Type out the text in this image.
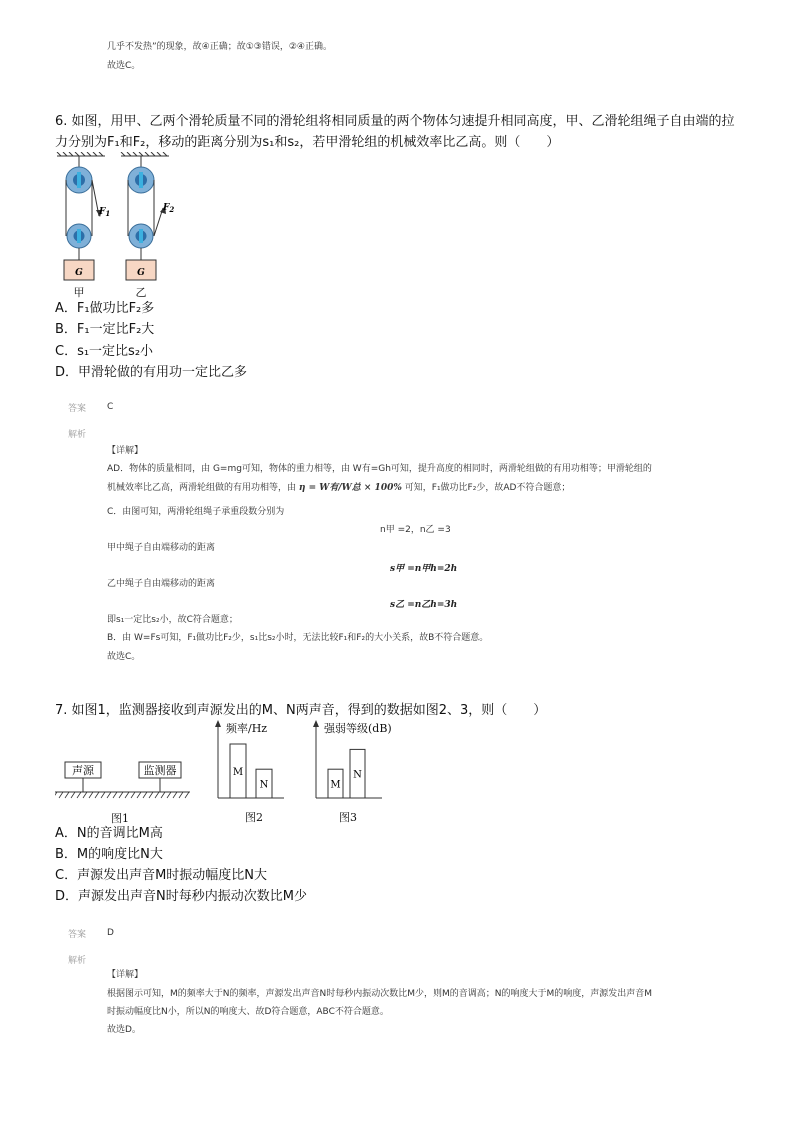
几乎不发热”的现象，故④正确；故①③错误，②④正确。
故选C。
6. 如图，用甲、乙两个滑轮质量不同的滑轮组将相同质量的两个物体匀速提升相同高度，甲、乙滑轮组绳子自由端的拉
力分别为F₁和F₂，移动的距离分别为s₁和s₂，若甲滑轮组的机械效率比乙高。则（　　）
G
$F_1$
甲
G
$F_2$
乙
A．F₁做功比F₂多
B．F₁一定比F₂大
C．s₁一定比s₂小
D．甲滑轮做的有用功一定比乙多
答案 C
解析
【详解】
AD．物体的质量相同，由 G=mg可知，物体的重力相等，由 W有=Gh可知，提升高度的相同时，两滑轮组做的有用功相等；甲滑轮组的
机械效率比乙高，两滑轮组做的有用功相等，由 η = W有/W总 × 100% 可知，F₁做功比F₂少，故AD不符合题意；
C．由图可知，两滑轮组绳子承重段数分别为
n甲 =2，n乙 =3
甲中绳子自由端移动的距离
s甲 =n甲h=2h
乙中绳子自由端移动的距离
s乙 =n乙h=3h
即s₁一定比s₂小，故C符合题意；
B．由 W=Fs可知，F₁做功比F₂少，s₁比s₂小时，无法比较F₁和F₂的大小关系，故B不符合题意。
故选C。
7. 如图1，监测器接收到声源发出的M、N两声音，得到的数据如图2、3，则（　　）
声源	监测器
图1
频率/Hz
M
N
图2
强弱等级(dB)
M
N
图3
A．N的音调比M高
B．M的响度比N大
C．声源发出声音M时振动幅度比N大
D．声源发出声音N时每秒内振动次数比M少
答案 D
解析
【详解】
根据图示可知，M的频率大于N的频率，声源发出声音N时每秒内振动次数比M少，则M的音调高；N的响度大于M的响度，声源发出声音M
时振动幅度比N小，所以N的响度大、故D符合题意，ABC不符合题意。
故选D。
